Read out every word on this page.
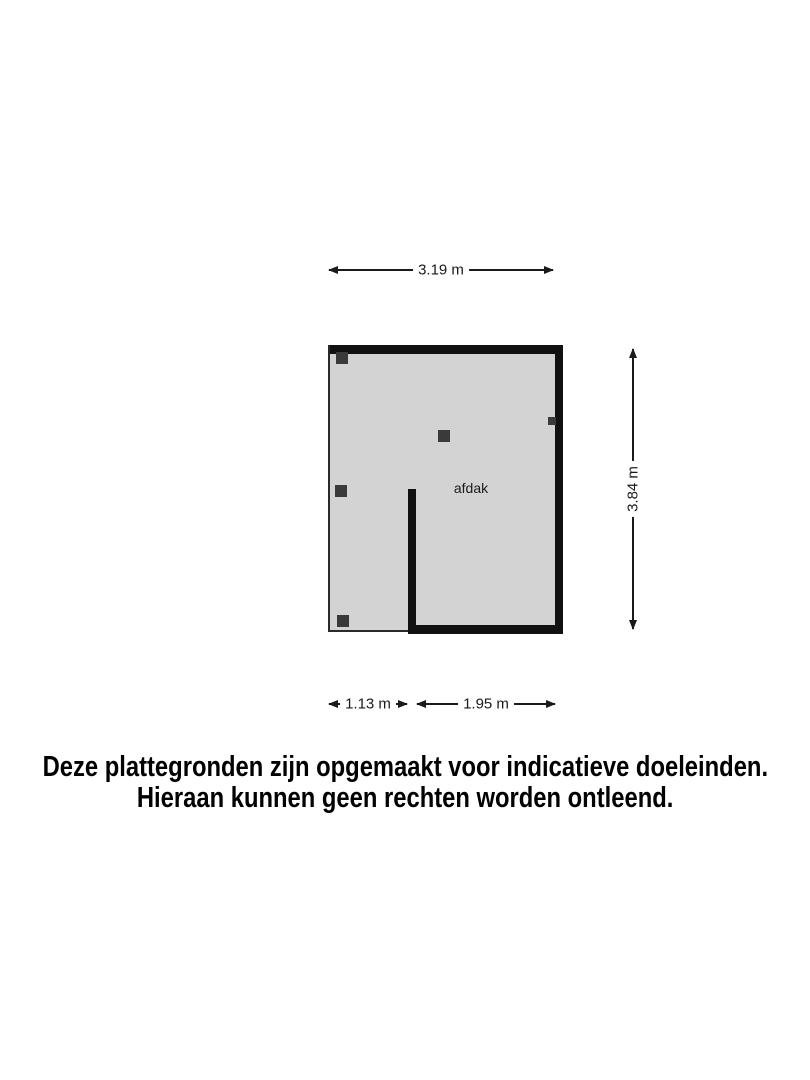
3.19 m
afdak	3.84 m
1.13 m	1.95 m
Deze plattegronden zijn opgemaakt voor indicatieve doeleinden.
Hieraan kunnen geen rechten worden ontleend.
